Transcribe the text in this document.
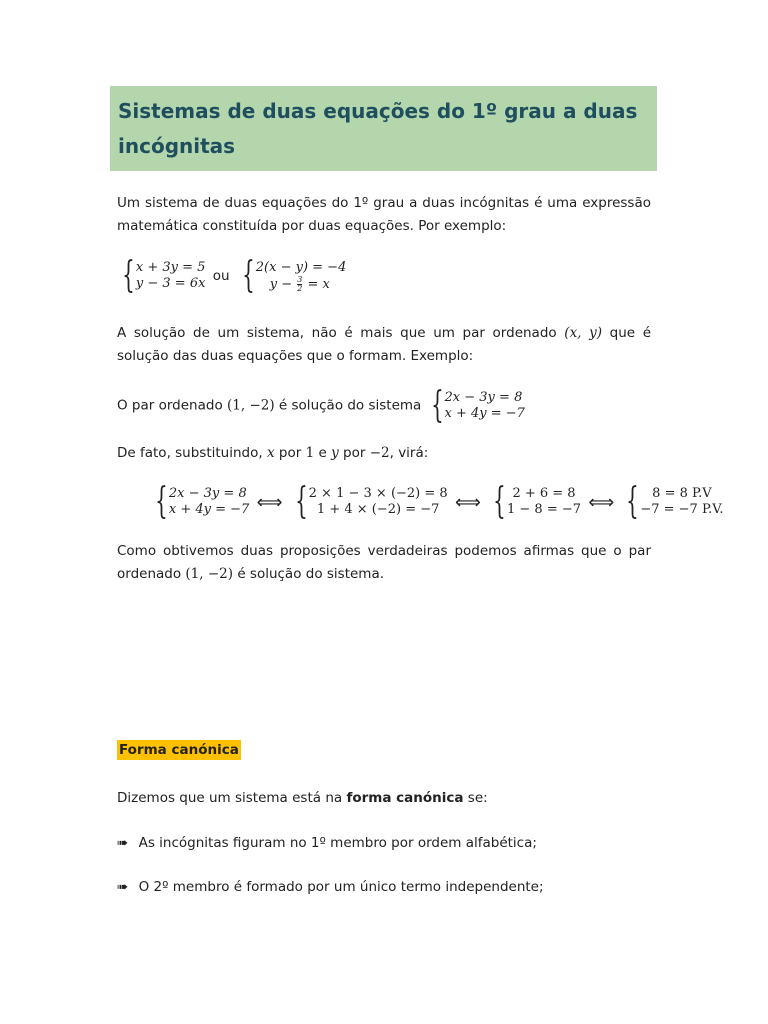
Sistemas de duas equações do 1º grau a duas incógnitas
Um sistema de duas equações do 1º grau a duas incógnitas é uma expressão matemática constituída por duas equações. Por exemplo:
{ x + 3y = 5
y − 3 = 6x ou { 2(x − y) = −4
$y - \frac{3}{2} = x$
A solução de um sistema, não é mais que um par ordenado (x, y) que é solução das duas equações que o formam. Exemplo:
O par ordenado (1, −2) é solução do sistema { 2x − 3y = 8
x + 4y = −7
De fato, substituindo, x por 1 e y por −2, virá:
{ 2x − 3y = 8
x + 4y = −7 ⟺ { 2 × 1 − 3 × (−2) = 8
1 + 4 × (−2) = −7 ⟺ { 2 + 6 = 8
1 − 8 = −7 ⟺ { 8 = 8 P.V
−7 = −7 P.V.
Como obtivemos duas proposições verdadeiras podemos afirmas que o par ordenado (1, −2) é solução do sistema.
Forma canónica
Dizemos que um sistema está na forma canónica se:
➠ As incógnitas figuram no 1º membro por ordem alfabética;
➠ O 2º membro é formado por um único termo independente;
